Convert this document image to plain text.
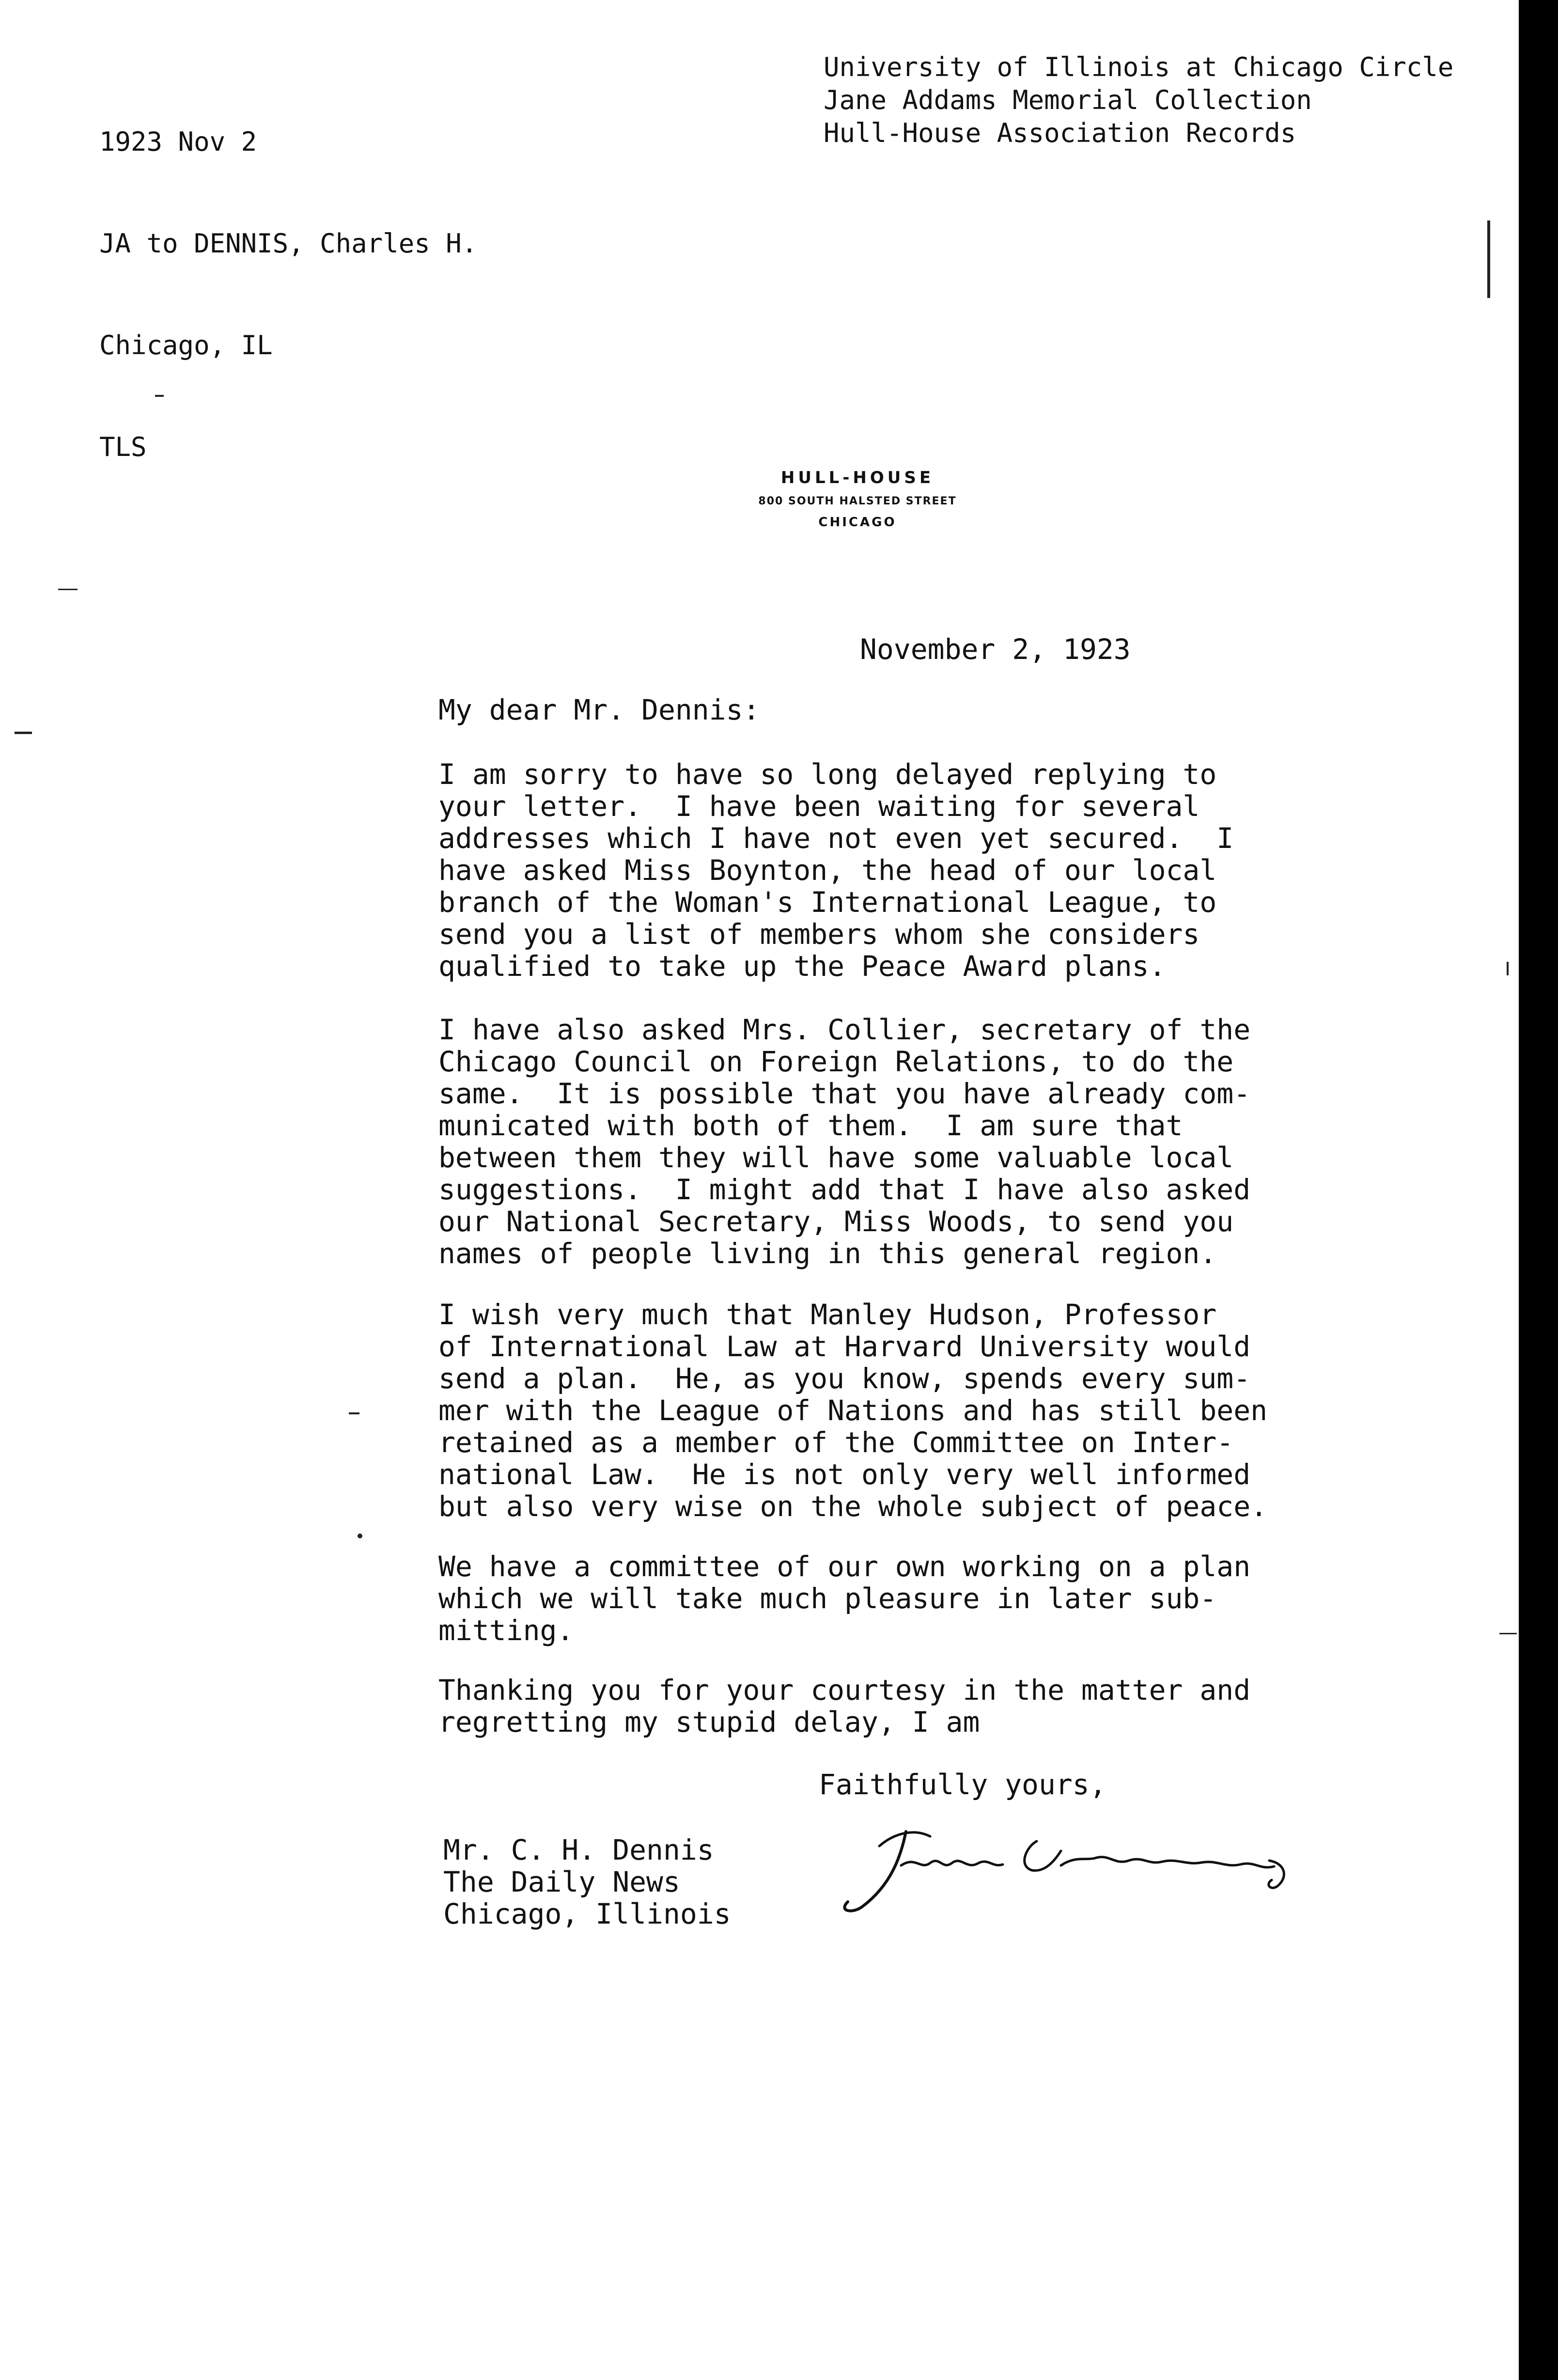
1923 Nov 2

JA to DENNIS, Charles H.

Chicago, IL

TLS

University of Illinois at Chicago Circle
Jane Addams Memorial Collection
Hull-House Association Records
HULL-HOUSE
800 SOUTH HALSTED STREET
CHICAGO
November 2, 1923
My dear Mr. Dennis:
I am sorry to have so long delayed replying to
your letter.  I have been waiting for several
addresses which I have not even yet secured.  I
have asked Miss Boynton, the head of our local
branch of the Woman's International League, to
send you a list of members whom she considers
qualified to take up the Peace Award plans.
I have also asked Mrs. Collier, secretary of the
Chicago Council on Foreign Relations, to do the
same.  It is possible that you have already com-
municated with both of them.  I am sure that
between them they will have some valuable local
suggestions.  I might add that I have also asked
our National Secretary, Miss Woods, to send you
names of people living in this general region.
I wish very much that Manley Hudson, Professor
of International Law at Harvard University would
send a plan.  He, as you know, spends every sum-
mer with the League of Nations and has still been
retained as a member of the Committee on Inter-
national Law.  He is not only very well informed
but also very wise on the whole subject of peace.
We have a committee of our own working on a plan
which we will take much pleasure in later sub-
mitting.
Thanking you for your courtesy in the matter and
regretting my stupid delay, I am
Faithfully yours,
Mr. C. H. Dennis
The Daily News
Chicago, Illinois
